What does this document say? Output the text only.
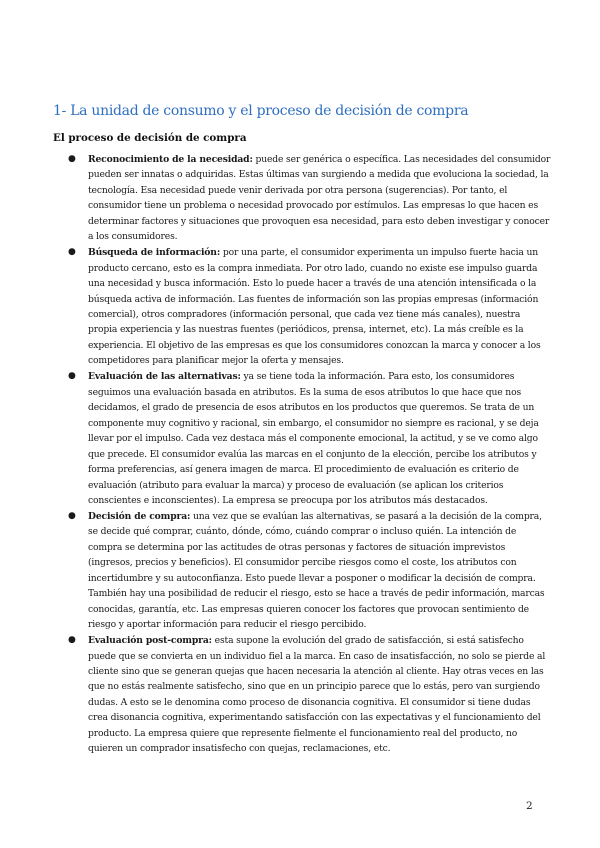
1- La unidad de consumo y el proceso de decisión de compra
El proceso de decisión de compra
● Reconocimiento de la necesidad: puede ser genérica o específica. Las necesidades del consumidor pueden ser innatas o adquiridas. Estas últimas van surgiendo a medida que evoluciona la sociedad, la tecnología. Esa necesidad puede venir derivada por otra persona (sugerencias). Por tanto, el consumidor tiene un problema o necesidad provocado por estímulos. Las empresas lo que hacen es determinar factores y situaciones que provoquen esa necesidad, para esto deben investigar y conocer a los consumidores.
● Búsqueda de información: por una parte, el consumidor experimenta un impulso fuerte hacia un producto cercano, esto es la compra inmediata. Por otro lado, cuando no existe ese impulso guarda una necesidad y busca información. Esto lo puede hacer a través de una atención intensificada o la búsqueda activa de información. Las fuentes de información son las propias empresas (información comercial), otros compradores (información personal, que cada vez tiene más canales), nuestra propia experiencia y las nuestras fuentes (periódicos, prensa, internet, etc). La más creíble es la experiencia. El objetivo de las empresas es que los consumidores conozcan la marca y conocer a los competidores para planificar mejor la oferta y mensajes.
● Evaluación de las alternativas: ya se tiene toda la información. Para esto, los consumidores seguimos una evaluación basada en atributos. Es la suma de esos atributos lo que hace que nos decidamos, el grado de presencia de esos atributos en los productos que queremos. Se trata de un componente muy cognitivo y racional, sin embargo, el consumidor no siempre es racional, y se deja llevar por el impulso. Cada vez destaca más el componente emocional, la actitud, y se ve como algo que precede. El consumidor evalúa las marcas en el conjunto de la elección, percibe los atributos y forma preferencias, así genera imagen de marca. El procedimiento de evaluación es criterio de evaluación (atributo para evaluar la marca) y proceso de evaluación (se aplican los criterios conscientes e inconscientes). La empresa se preocupa por los atributos más destacados.
● Decisión de compra: una vez que se evalúan las alternativas, se pasará a la decisión de la compra, se decide qué comprar, cuánto, dónde, cómo, cuándo comprar o incluso quién. La intención de compra se determina por las actitudes de otras personas y factores de situación imprevistos (ingresos, precios y beneficios). El consumidor percibe riesgos como el coste, los atributos con incertidumbre y su autoconfianza. Esto puede llevar a posponer o modificar la decisión de compra. También hay una posibilidad de reducir el riesgo, esto se hace a través de pedir información, marcas conocidas, garantía, etc. Las empresas quieren conocer los factores que provocan sentimiento de riesgo y aportar información para reducir el riesgo percibido.
● Evaluación post-compra: esta supone la evolución del grado de satisfacción, si está satisfecho puede que se convierta en un individuo fiel a la marca. En caso de insatisfacción, no solo se pierde al cliente sino que se generan quejas que hacen necesaria la atención al cliente. Hay otras veces en las que no estás realmente satisfecho, sino que en un principio parece que lo estás, pero van surgiendo dudas. A esto se le denomina como proceso de disonancia cognitiva. El consumidor si tiene dudas crea disonancia cognitiva, experimentando satisfacción con las expectativas y el funcionamiento del producto. La empresa quiere que represente fielmente el funcionamiento real del producto, no quieren un comprador insatisfecho con quejas, reclamaciones, etc.
2
